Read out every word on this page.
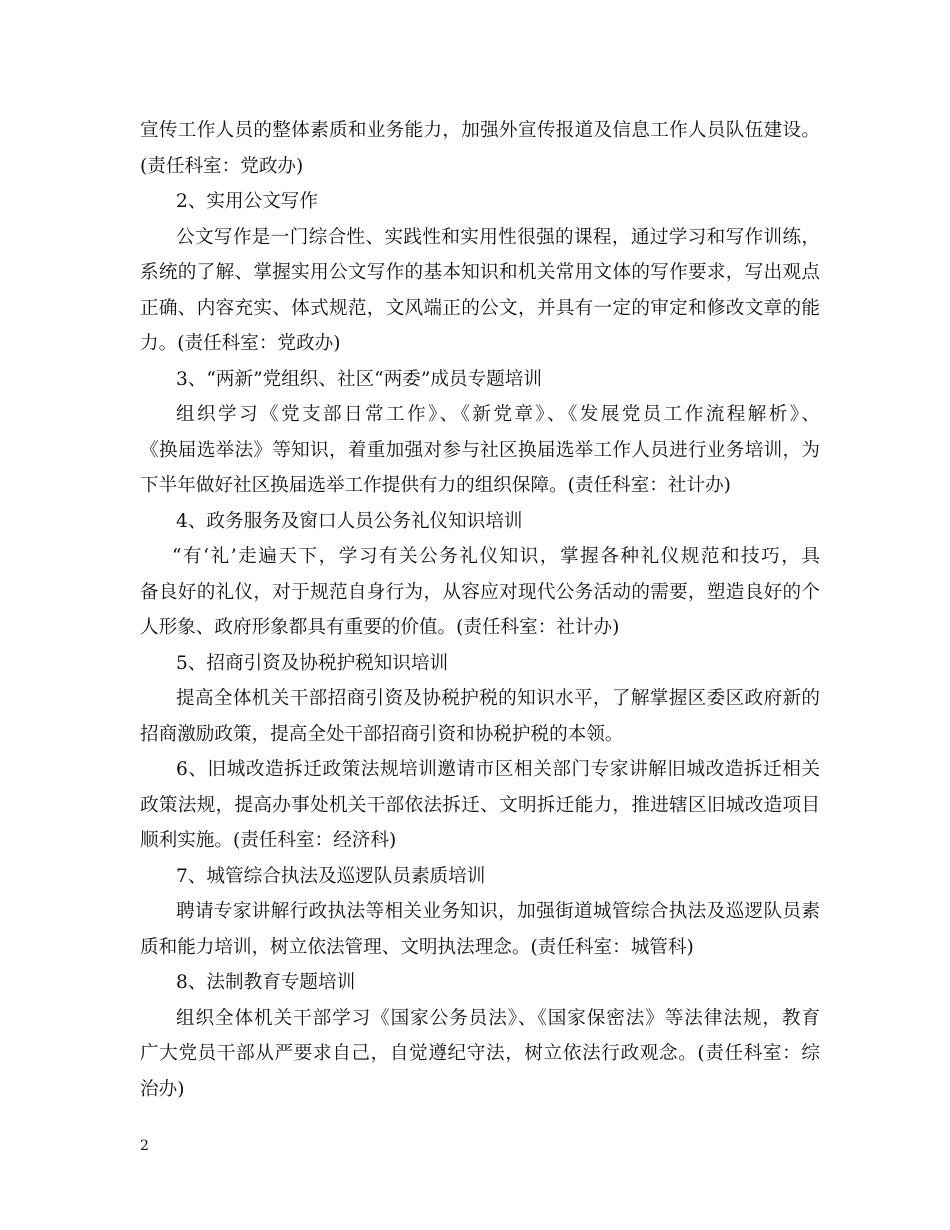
宣传工作人员的整体素质和业务能力，加强外宣传报道及信息工作人员队伍建设。
(责任科室：党政办)
2、实用公文写作
公文写作是一门综合性、实践性和实用性很强的课程，通过学习和写作训练，
系统的了解、掌握实用公文写作的基本知识和机关常用文体的写作要求，写出观点
正确、内容充实、体式规范，文风端正的公文，并具有一定的审定和修改文章的能
力。(责任科室：党政办)
3、“两新”党组织、社区“两委”成员专题培训
组织学习《党支部日常工作》、《新党章》、《发展党员工作流程解析》、
《换届选举法》等知识，着重加强对参与社区换届选举工作人员进行业务培训，为
下半年做好社区换届选举工作提供有力的组织保障。(责任科室：社计办)
4、政务服务及窗口人员公务礼仪知识培训
“有‘礼’走遍天下，学习有关公务礼仪知识，掌握各种礼仪规范和技巧，具
备良好的礼仪，对于规范自身行为，从容应对现代公务活动的需要，塑造良好的个
人形象、政府形象都具有重要的价值。(责任科室：社计办)
5、招商引资及协税护税知识培训
提高全体机关干部招商引资及协税护税的知识水平，了解掌握区委区政府新的
招商激励政策，提高全处干部招商引资和协税护税的本领。
6、旧城改造拆迁政策法规培训邀请市区相关部门专家讲解旧城改造拆迁相关
政策法规，提高办事处机关干部依法拆迁、文明拆迁能力，推进辖区旧城改造项目
顺利实施。(责任科室：经济科)
7、城管综合执法及巡逻队员素质培训
聘请专家讲解行政执法等相关业务知识，加强街道城管综合执法及巡逻队员素
质和能力培训，树立依法管理、文明执法理念。(责任科室：城管科)
8、法制教育专题培训
组织全体机关干部学习《国家公务员法》、《国家保密法》等法律法规，教育
广大党员干部从严要求自己，自觉遵纪守法，树立依法行政观念。(责任科室：综
治办)
2
